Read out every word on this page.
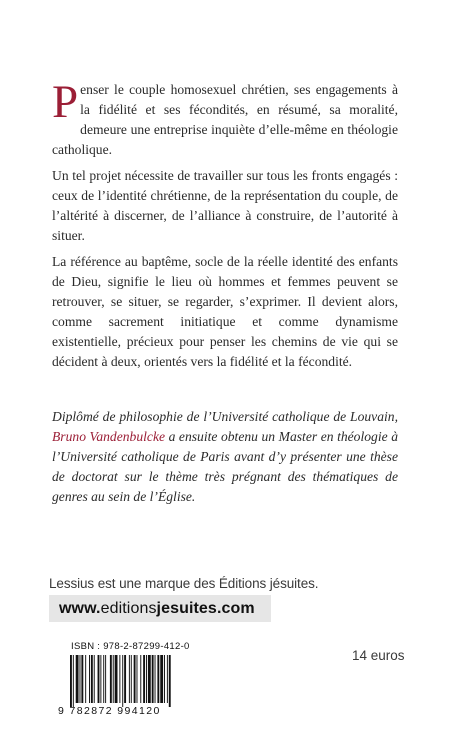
Penser le couple homosexuel chrétien, ses engagements à la fidélité et ses fécondités, en résumé, sa moralité, demeure une entreprise inquiète d’elle-même en théologie catholique.
Un tel projet nécessite de travailler sur tous les fronts engagés : ceux de l’identité chrétienne, de la représentation du couple, de l’altérité à discerner, de l’alliance à construire, de l’autorité à situer.
La référence au baptême, socle de la réelle identité des enfants de Dieu, signifie le lieu où hommes et femmes peuvent se retrouver, se situer, se regarder, s’exprimer. Il devient alors, comme sacrement initiatique et comme dynamisme existentielle, précieux pour penser les chemins de vie qui se décident à deux, orientés vers la fidélité et la fécondité.
Diplômé de philosophie de l’Université catholique de Louvain, Bruno Vandenbulcke a ensuite obtenu un Master en théologie à l’Université catholique de Paris avant d’y présenter une thèse de doctorat sur le thème très prégnant des thématiques de genres au sein de l’Église.
Lessius est une marque des Éditions jésuites.
www.editionsjesuites.com
ISBN : 978-2-87299-412-0
9 782872 994120
14 euros
